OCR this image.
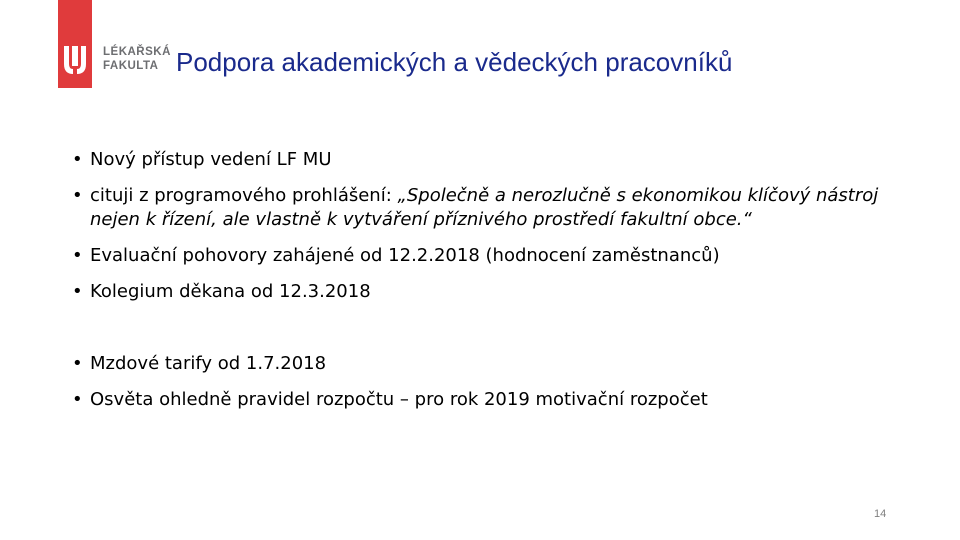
LÉKAŘSKÁ
FAKULTA Podpora akademických a vědeckých pracovníků
• Nový přístup vedení LF MU
• cituji z programového prohlášení: „Společně a nerozlučně s ekonomikou klíčový nástroj nejen k řízení, ale vlastně k vytváření příznivého prostředí fakultní obce.“
• Evaluační pohovory zahájené od 12.2.2018 (hodnocení zaměstnanců)
• Kolegium děkana od 12.3.2018
• Mzdové tarify od 1.7.2018
• Osvěta ohledně pravidel rozpočtu – pro rok 2019 motivační rozpočet
14
